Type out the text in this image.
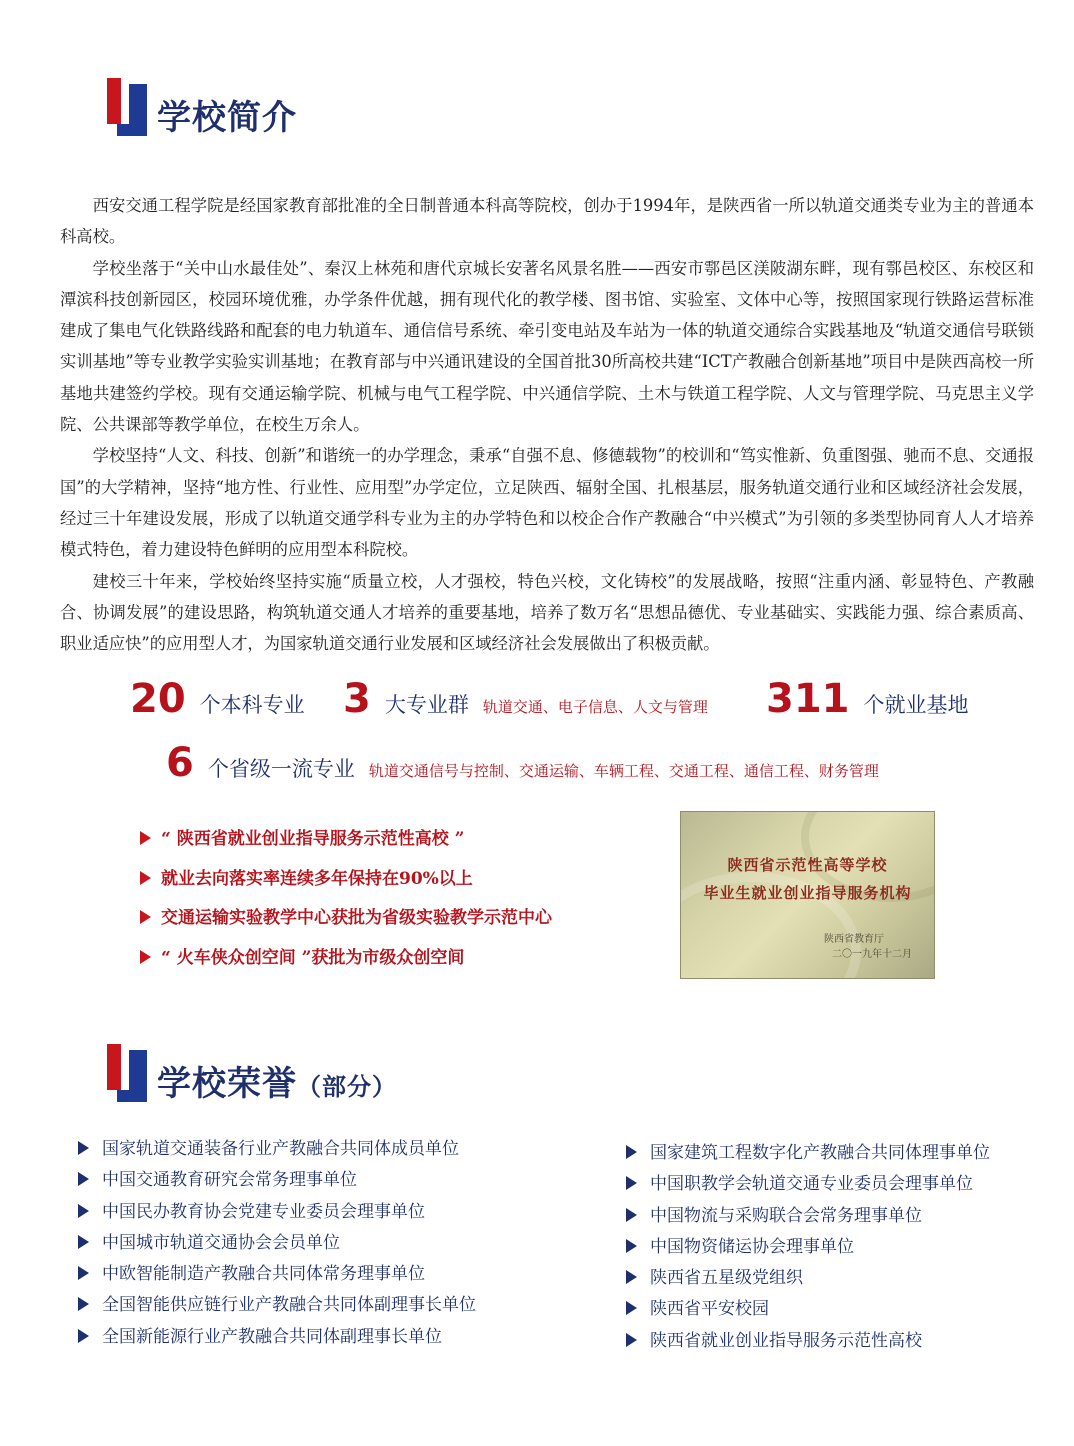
学校简介

西安交通工程学院是经国家教育部批准的全日制普通本科高等院校，创办于1994年，是陕西省一所以轨道交通类专业为主的普通本科高校。

学校坐落于“关中山水最佳处”、秦汉上林苑和唐代京城长安著名风景名胜——西安市鄠邑区渼陂湖东畔，现有鄠邑校区、东校区和潭滨科技创新园区，校园环境优雅，办学条件优越，拥有现代化的教学楼、图书馆、实验室、文体中心等，按照国家现行铁路运营标准建成了集电气化铁路线路和配套的电力轨道车、通信信号系统、牵引变电站及车站为一体的轨道交通综合实践基地及“轨道交通信号联锁实训基地”等专业教学实验实训基地；在教育部与中兴通讯建设的全国首批30所高校共建“ICT产教融合创新基地”项目中是陕西高校一所基地共建签约学校。现有交通运输学院、机械与电气工程学院、中兴通信学院、土木与铁道工程学院、人文与管理学院、马克思主义学院、公共课部等教学单位，在校生万余人。

学校坚持“人文、科技、创新”和谐统一的办学理念，秉承“自强不息、修德载物”的校训和“笃实惟新、负重图强、驰而不息、交通报国”的大学精神，坚持“地方性、行业性、应用型”办学定位，立足陕西、辐射全国、扎根基层，服务轨道交通行业和区域经济社会发展，经过三十年建设发展，形成了以轨道交通学科专业为主的办学特色和以校企合作产教融合“中兴模式”为引领的多类型协同育人人才培养模式特色，着力建设特色鲜明的应用型本科院校。

建校三十年来，学校始终坚持实施“质量立校，人才强校，特色兴校，文化铸校”的发展战略，按照“注重内涵、彰显特色、产教融合、协调发展”的建设思路，构筑轨道交通人才培养的重要基地，培养了数万名“思想品德优、专业基础实、实践能力强、综合素质高、职业适应快”的应用型人才，为国家轨道交通行业发展和区域经济社会发展做出了积极贡献。

20 个本科专业 3 大专业群 轨道交通、电子信息、人文与管理 311 个就业基地
6 个省级一流专业 轨道交通信号与控制、交通运输、车辆工程、交通工程、通信工程、财务管理
“ 陕西省就业创业指导服务示范性高校 ”
就业去向落实率连续多年保持在90%以上
交通运输实验教学中心获批为省级实验教学示范中心
“ 火车侠众创空间 ”获批为市级众创空间
陕西省示范性高等学校
毕业生就业创业指导服务机构
陕西省教育厅
二〇一九年十二月
学校荣誉（部分）
国家轨道交通装备行业产教融合共同体成员单位
中国交通教育研究会常务理事单位
中国民办教育协会党建专业委员会理事单位
中国城市轨道交通协会会员单位
中欧智能制造产教融合共同体常务理事单位
全国智能供应链行业产教融合共同体副理事长单位
全国新能源行业产教融合共同体副理事长单位
国家建筑工程数字化产教融合共同体理事单位
中国职教学会轨道交通专业委员会理事单位
中国物流与采购联合会常务理事单位
中国物资储运协会理事单位
陕西省五星级党组织
陕西省平安校园
陕西省就业创业指导服务示范性高校
